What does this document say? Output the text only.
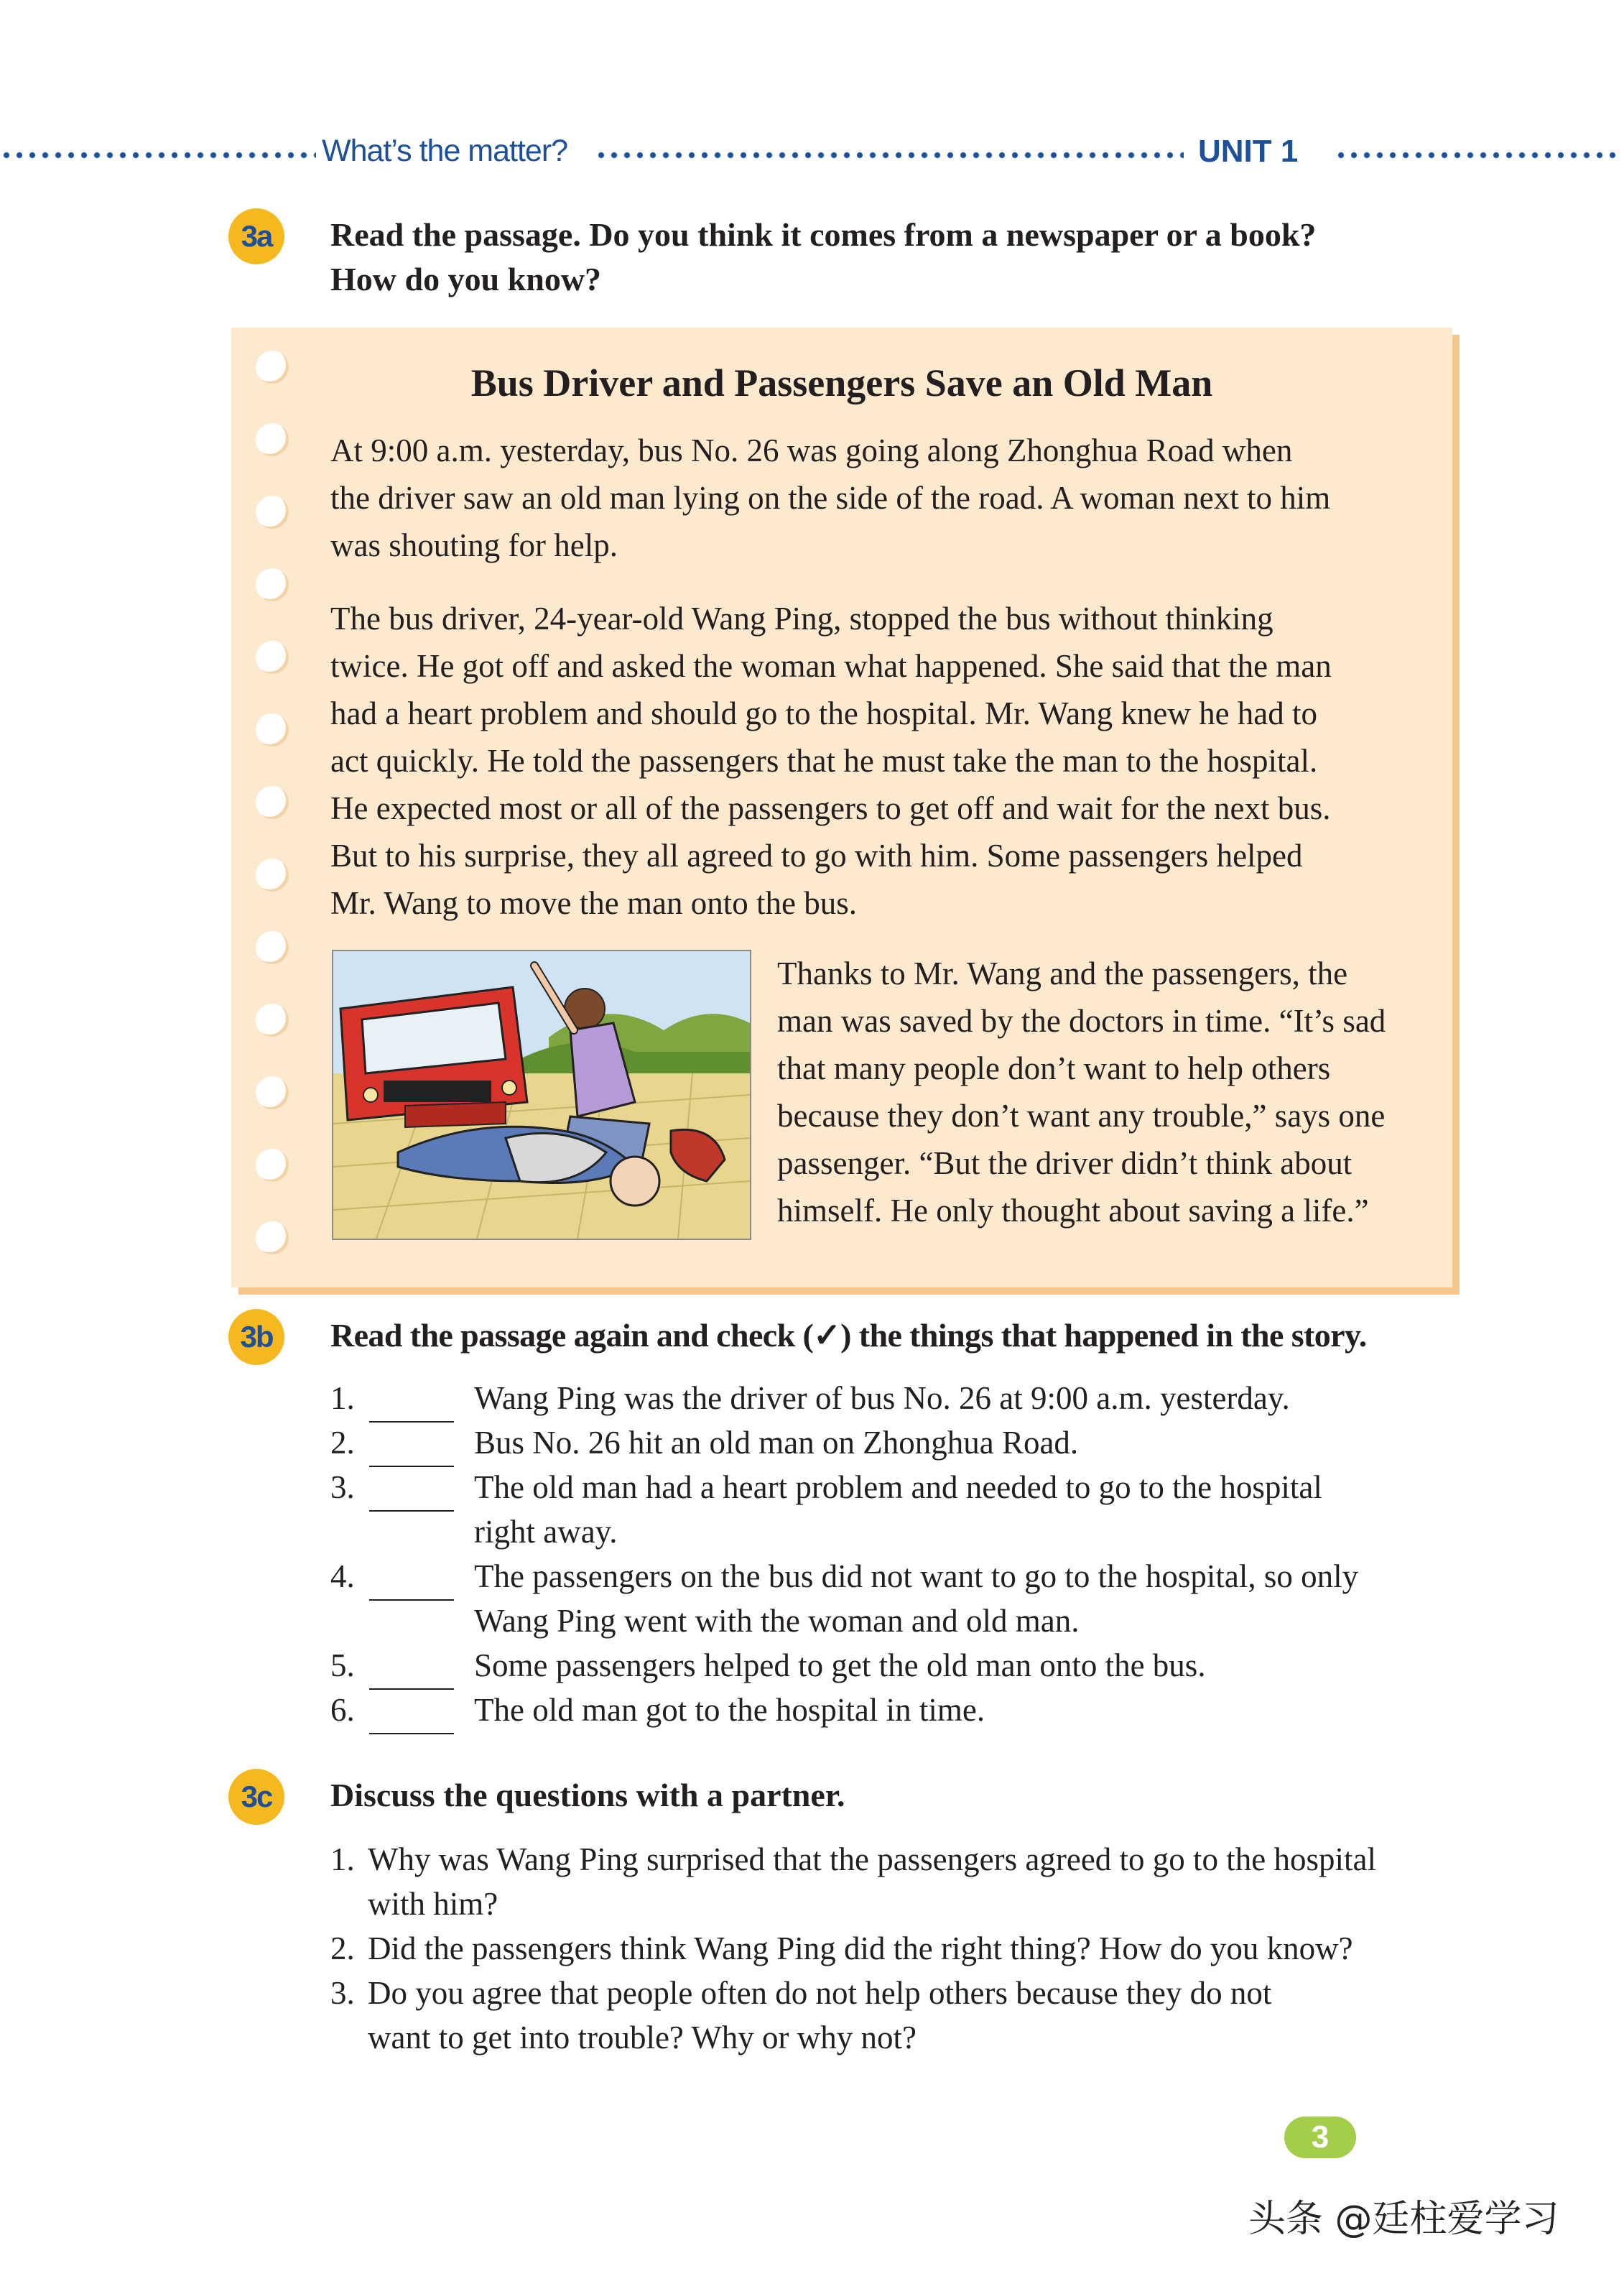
What’s the matter?	UNIT 1
3a	Read the passage. Do you think it comes from a newspaper or a book?
How do you know?
Bus Driver and Passengers Save an Old Man
At 9:00 a.m. yesterday, bus No. 26 was going along Zhonghua Road when
the driver saw an old man lying on the side of the road. A woman next to him
was shouting for help.
The bus driver, 24-year-old Wang Ping, stopped the bus without thinking
twice. He got off and asked the woman what happened. She said that the man
had a heart problem and should go to the hospital. Mr. Wang knew he had to
act quickly. He told the passengers that he must take the man to the hospital.
He expected most or all of the passengers to get off and wait for the next bus.
But to his surprise, they all agreed to go with him. Some passengers helped
Mr. Wang to move the man onto the bus.
Thanks to Mr. Wang and the passengers, the
man was saved by the doctors in time. “It’s sad
that many people don’t want to help others
because they don’t want any trouble,” says one
passenger. “But the driver didn’t think about
himself. He only thought about saving a life.”
3b	Read the passage again and check (✓) the things that happened in the story.
1.	Wang Ping was the driver of bus No. 26 at 9:00 a.m. yesterday.
2.	Bus No. 26 hit an old man on Zhonghua Road.
3.	The old man had a heart problem and needed to go to the hospital
right away.
4.	The passengers on the bus did not want to go to the hospital, so only
Wang Ping went with the woman and old man.
5.	Some passengers helped to get the old man onto the bus.
6.	The old man got to the hospital in time.
3c	Discuss the questions with a partner.
1. Why was Wang Ping surprised that the passengers agreed to go to the hospital
with him?
2. Did the passengers think Wang Ping did the right thing? How do you know?
3. Do you agree that people often do not help others because they do not
want to get into trouble? Why or why not?
3
头条 @廷柱爱学习
